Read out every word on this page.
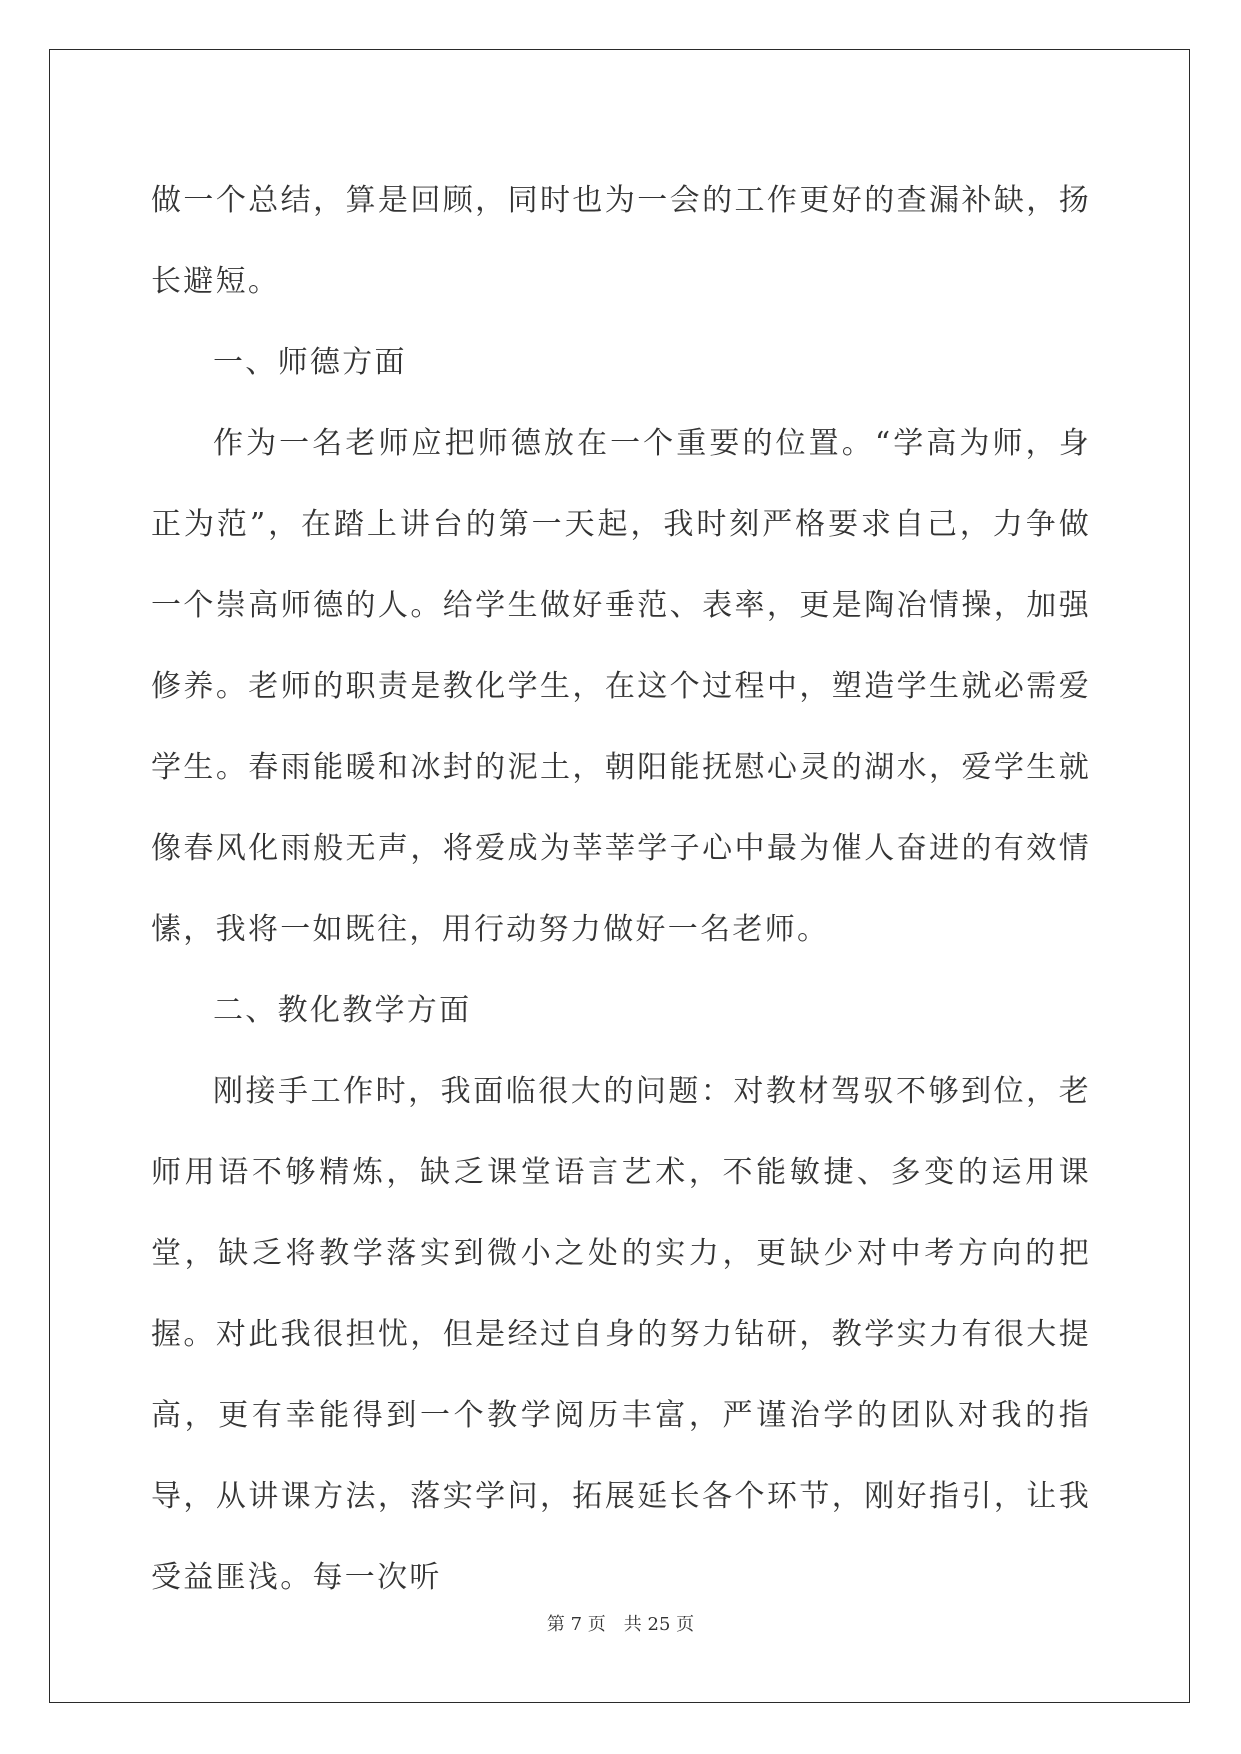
做一个总结，算是回顾，同时也为一会的工作更好的查漏补缺，扬长避短。

一、师德方面

作为一名老师应把师德放在一个重要的位置。“学高为师，身正为范”，在踏上讲台的第一天起，我时刻严格要求自己，力争做一个崇高师德的人。给学生做好垂范、表率，更是陶冶情操，加强修养。老师的职责是教化学生，在这个过程中，塑造学生就必需爱学生。春雨能暖和冰封的泥土，朝阳能抚慰心灵的湖水，爱学生就像春风化雨般无声，将爱成为莘莘学子心中最为催人奋进的有效情愫，我将一如既往，用行动努力做好一名老师。

二、教化教学方面

刚接手工作时，我面临很大的问题：对教材驾驭不够到位，老师用语不够精炼，缺乏课堂语言艺术，不能敏捷、多变的运用课堂，缺乏将教学落实到微小之处的实力，更缺少对中考方向的把握。对此我很担忧，但是经过自身的努力钻研，教学实力有很大提高，更有幸能得到一个教学阅历丰富，严谨治学的团队对我的指导，从讲课方法，落实学问，拓展延长各个环节，刚好指引，让我受益匪浅。每一次听

第 7 页 共 25 页
